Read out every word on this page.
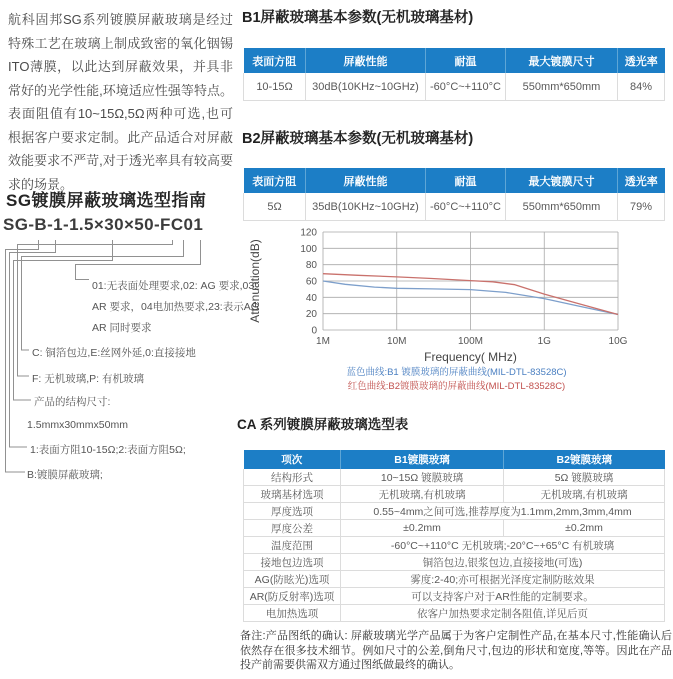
航科固邦SG系列镀膜屏蔽玻璃是经过特殊工艺在玻璃上制成致密的氧化铟锡ITO薄膜，以此达到屏蔽效果，并具非常好的光学性能,环境适应性强等特点。表面阻值有10~15Ω,5Ω两种可选,也可根据客户要求定制。此产品适合对屏蔽效能要求不严苛,对于透光率具有较高要求的场景。
SG镀膜屏蔽玻璃选型指南
SG-B-1-1.5×30×50-FC01
01:无表面处理要求,02: AG 要求,03:
AR 要求，04电加热要求,23:表示AG
AR 同时要求
C: 铜箔包边,E:丝网外延,0:直接接地
F: 无机玻璃,P: 有机玻璃
产品的结构尺寸:
1.5mmx30mmx50mm
1:表面方阻10-15Ω;2:表面方阻5Ω;
B:镀膜屏蔽玻璃;
B1屏蔽玻璃基本参数(无机玻璃基材)
表面方阻	屏蔽性能	耐温	最大镀膜尺寸	透光率
10-15Ω	30dB(10KHz~10GHz)	-60°C~+110°C	550mm*650mm	84%
B2屏蔽玻璃基本参数(无机玻璃基材)
表面方阻	屏蔽性能	耐温	最大镀膜尺寸	透光率
5Ω	35dB(10KHz~10GHz)	-60°C~+110°C	550mm*650mm	79%
0
20
40
60
80
100
120
1M	10M	100M	1G	10G
Frequency( MHz)
Attenuation(dB)
蓝色曲线:B1 镀膜玻璃的屏蔽曲线(MIL-DTL-83528C)
红色曲线:B2镀膜玻璃的屏蔽曲线(MIL-DTL-83528C)
CA 系列镀膜屏蔽玻璃选型表
项次	B1镀膜玻璃	B2镀膜玻璃
结构形式	10~15Ω 镀膜玻璃	5Ω 镀膜玻璃
玻璃基材选项	无机玻璃,有机玻璃	无机玻璃,有机玻璃
厚度选项	0.55~4mm之间可选,推荐厚度为1.1mm,2mm,3mm,4mm	
厚度公差	±0.2mm	±0.2mm
温度范围	-60°C~+110°C 无机玻璃;-20°C~+65°C 有机玻璃	
接地包边选项	铜箔包边,银浆包边,直接接地(可选)	
AG(防眩光)选项	雾度:2-40;亦可根据光泽度定制防眩效果	
AR(防反射率)选项	可以支持客户对于AR性能的定制要求。	
电加热选项	依客户加热要求定制各阻值,详见后页	
备注:产品图纸的确认: 屏蔽玻璃光学产品属于为客户定制性产品,在基本尺寸,性能确认后依然存在很多技术细节。例如尺寸的公差,倒角尺寸,包边的形状和宽度,等等。因此在产品投产前需要供需双方通过图纸做最终的确认。
